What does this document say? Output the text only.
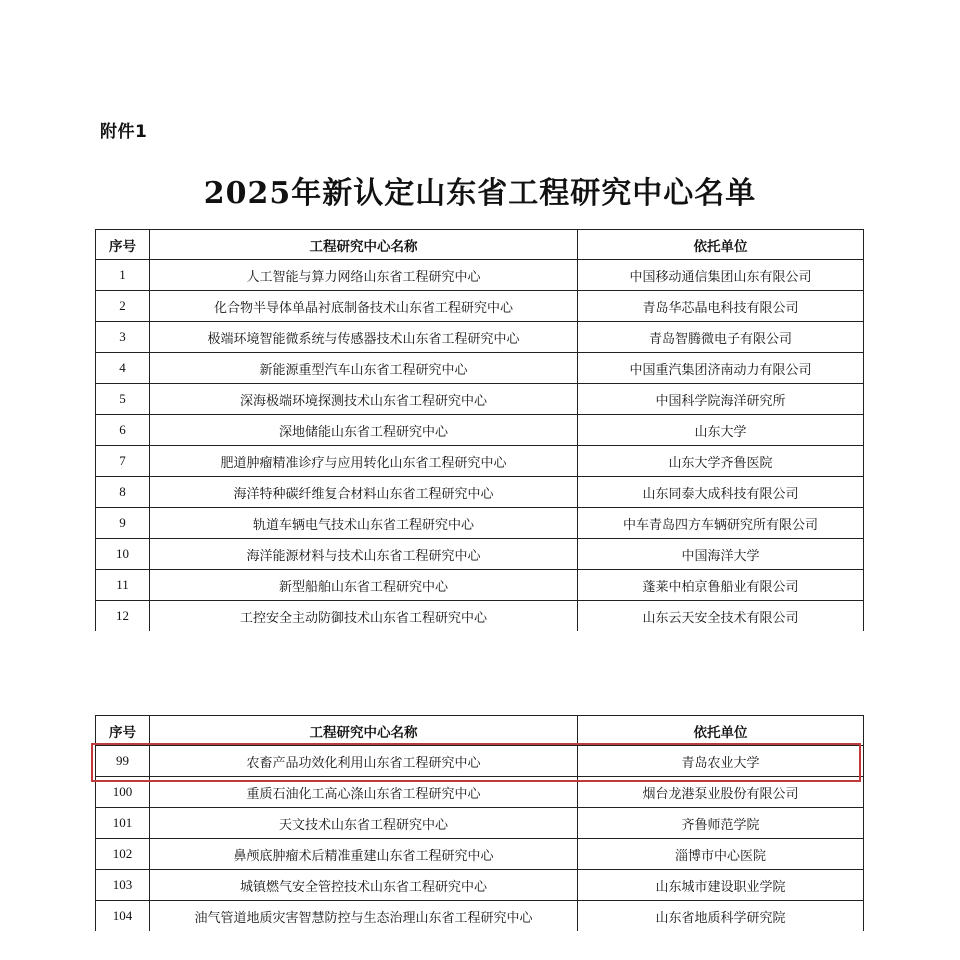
附件1
2025年新认定山东省工程研究中心名单
序号	工程研究中心名称	依托单位
1	人工智能与算力网络山东省工程研究中心	中国移动通信集团山东有限公司
2	化合物半导体单晶衬底制备技术山东省工程研究中心	青岛华芯晶电科技有限公司
3	极端环境智能微系统与传感器技术山东省工程研究中心	青岛智腾微电子有限公司
4	新能源重型汽车山东省工程研究中心	中国重汽集团济南动力有限公司
5	深海极端环境探测技术山东省工程研究中心	中国科学院海洋研究所
6	深地储能山东省工程研究中心	山东大学
7	肥道肿瘤精准诊疗与应用转化山东省工程研究中心	山东大学齐鲁医院
8	海洋特种碳纤维复合材料山东省工程研究中心	山东同泰大成科技有限公司
9	轨道车辆电气技术山东省工程研究中心	中车青岛四方车辆研究所有限公司
10	海洋能源材料与技术山东省工程研究中心	中国海洋大学
11	新型船舶山东省工程研究中心	蓬莱中柏京鲁船业有限公司
12	工控安全主动防御技术山东省工程研究中心	山东云天安全技术有限公司
序号	工程研究中心名称	依托单位
99	农畜产品功效化利用山东省工程研究中心	青岛农业大学
100	重质石油化工高心涤山东省工程研究中心	烟台龙港泵业股份有限公司
101	天文技术山东省工程研究中心	齐鲁师范学院
102	鼻颅底肿瘤术后精准重建山东省工程研究中心	淄博市中心医院
103	城镇燃气安全管控技术山东省工程研究中心	山东城市建设职业学院
104	油气管道地质灾害智慧防控与生态治理山东省工程研究中心	山东省地质科学研究院
